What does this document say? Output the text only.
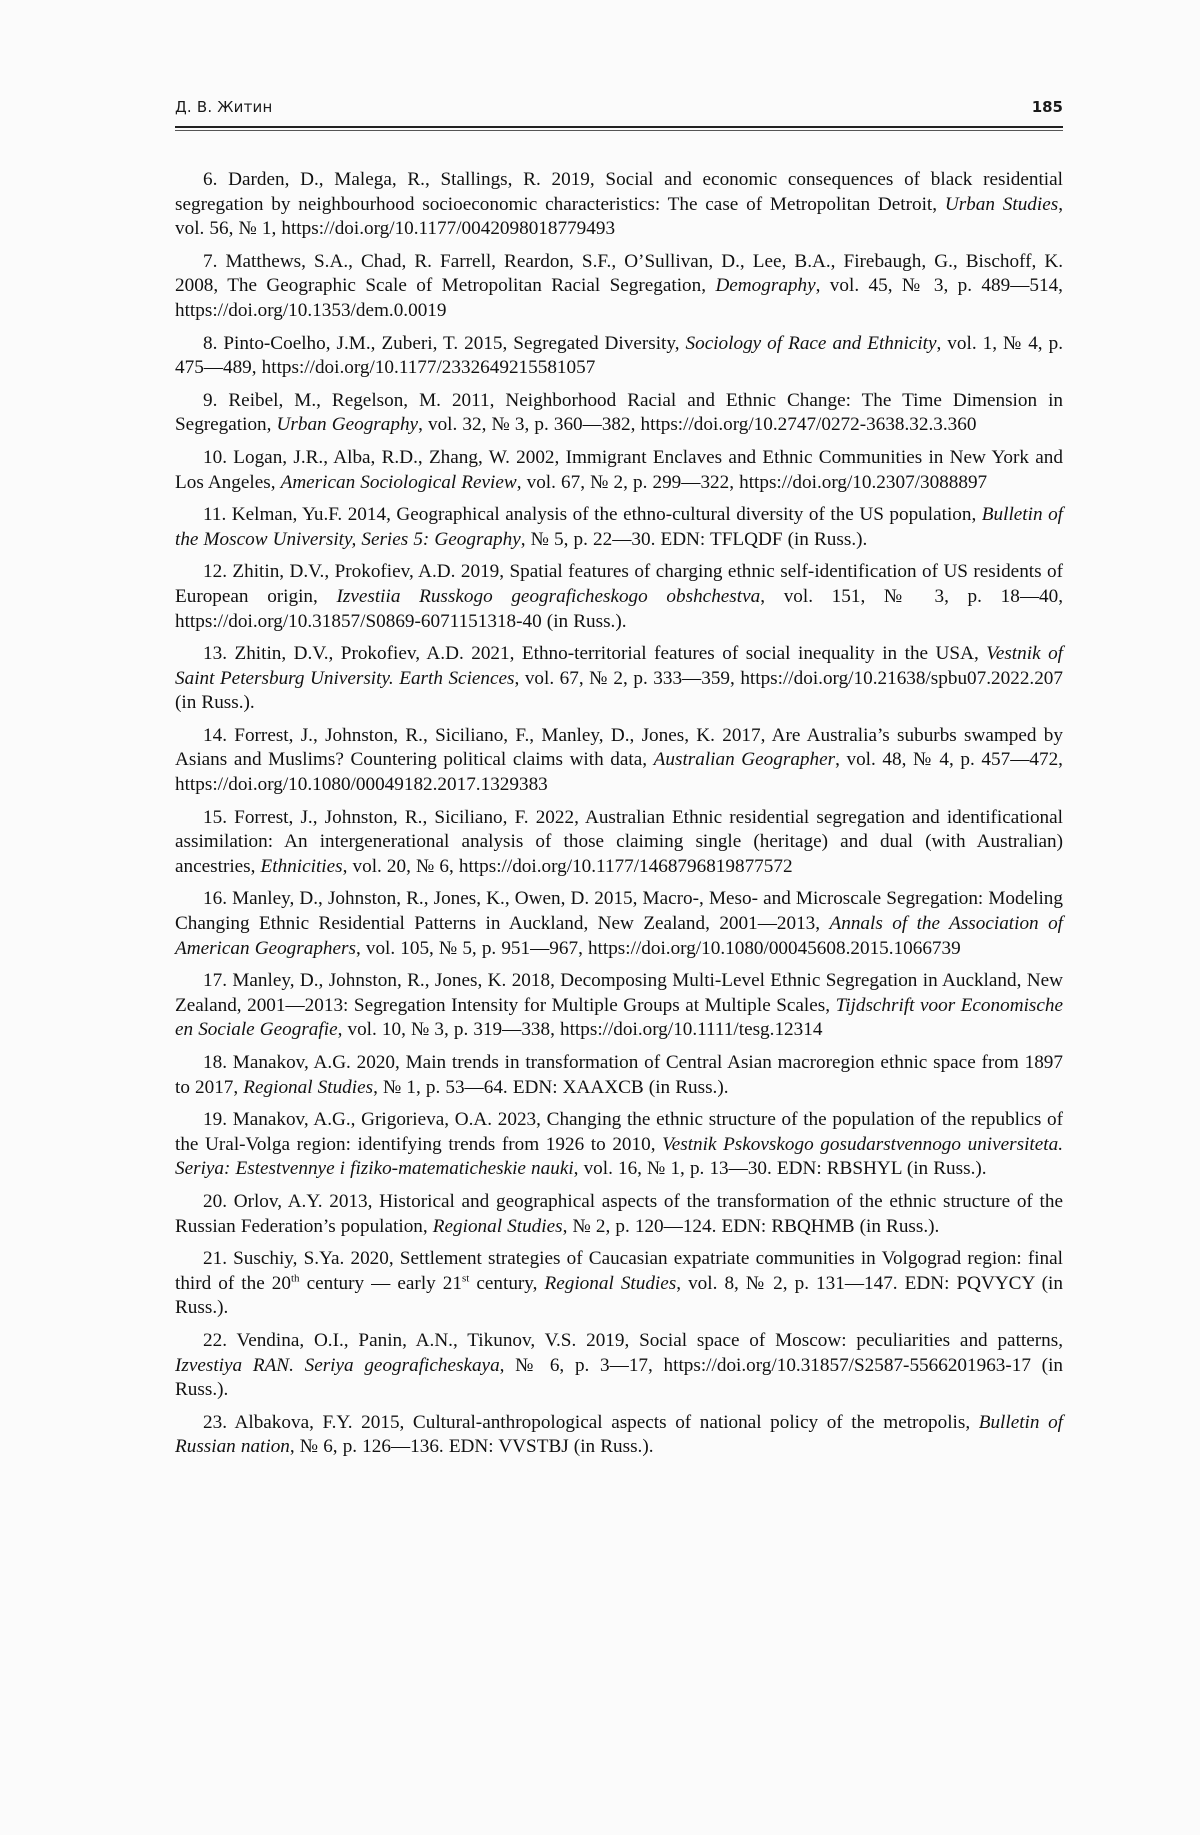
Д. В. Житин	185

6. Darden, D., Malega, R., Stallings, R. 2019, Social and economic consequences of black residential segregation by neighbourhood socioeconomic characteristics: The case of Metropolitan Detroit, Urban Studies, vol. 56, № 1, https://doi.org/10.1177/0042098018779493

7. Matthews, S.A., Chad, R. Farrell, Reardon, S.F., O’Sullivan, D., Lee, B.A., Firebaugh, G., Bischoff, K. 2008, The Geographic Scale of Metropolitan Racial Segregation, Demography, vol. 45, № 3, p. 489—514, https://doi.org/10.1353/dem.0.0019

8. Pinto-Coelho, J.M., Zuberi, T. 2015, Segregated Diversity, Sociology of Race and Ethnicity, vol. 1, № 4, p. 475—489, https://doi.org/10.1177/2332649215581057

9. Reibel, M., Regelson, M. 2011, Neighborhood Racial and Ethnic Change: The Time Dimension in Segregation, Urban Geography, vol. 32, № 3, p. 360—382, https://doi.org/10.2747/0272-3638.32.3.360

10. Logan, J.R., Alba, R.D., Zhang, W. 2002, Immigrant Enclaves and Ethnic Communities in New York and Los Angeles, American Sociological Review, vol. 67, № 2, p. 299—322, https://doi.org/10.2307/3088897

11. Kelman, Yu.F. 2014, Geographical analysis of the ethno-cultural diversity of the US population, Bulletin of the Moscow University, Series 5: Geography, № 5, p. 22—30. EDN: TFLQDF (in Russ.).

12. Zhitin, D.V., Prokofiev, A.D. 2019, Spatial features of charging ethnic self-identification of US residents of European origin, Izvestiia Russkogo geograficheskogo obshchestva, vol. 151, № 3, p. 18—40, https://doi.org/10.31857/S0869-6071151318-40 (in Russ.).

13. Zhitin, D.V., Prokofiev, A.D. 2021, Ethno-territorial features of social inequality in the USA, Vestnik of Saint Petersburg University. Earth Sciences, vol. 67, № 2, p. 333—359, https://doi.org/10.21638/spbu07.2022.207 (in Russ.).

14. Forrest, J., Johnston, R., Siciliano, F., Manley, D., Jones, K. 2017, Are Australia’s suburbs swamped by Asians and Muslims? Countering political claims with data, Australian Geographer, vol. 48, № 4, p. 457—472, https://doi.org/10.1080/00049182.2017.1329383

15. Forrest, J., Johnston, R., Siciliano, F. 2022, Australian Ethnic residential segregation and identificational assimilation: An intergenerational analysis of those claiming single (heritage) and dual (with Australian) ancestries, Ethnicities, vol. 20, № 6, https://doi.org/10.1177/1468796819877572

16. Manley, D., Johnston, R., Jones, K., Owen, D. 2015, Macro-, Meso- and Microscale Segregation: Modeling Changing Ethnic Residential Patterns in Auckland, New Zealand, 2001—2013, Annals of the Association of American Geographers, vol. 105, № 5, p. 951—967, https://doi.org/10.1080/00045608.2015.1066739

17. Manley, D., Johnston, R., Jones, K. 2018, Decomposing Multi-Level Ethnic Segregation in Auckland, New Zealand, 2001—2013: Segregation Intensity for Multiple Groups at Multiple Scales, Tijdschrift voor Economische en Sociale Geografie, vol. 10, № 3, p. 319—338, https://doi.org/10.1111/tesg.12314

18. Manakov, A.G. 2020, Main trends in transformation of Central Asian macroregion ethnic space from 1897 to 2017, Regional Studies, № 1, p. 53—64. EDN: XAAXCB (in Russ.).

19. Manakov, A.G., Grigorieva, O.A. 2023, Changing the ethnic structure of the population of the republics of the Ural-Volga region: identifying trends from 1926 to 2010, Vestnik Pskovskogo gosudarstvennogo universiteta. Seriya: Estestvennye i fiziko-matematicheskie nauki, vol. 16, № 1, p. 13—30. EDN: RBSHYL (in Russ.).

20. Orlov, A.Y. 2013, Historical and geographical aspects of the transformation of the ethnic structure of the Russian Federation’s population, Regional Studies, № 2, p. 120—124. EDN: RBQHMB (in Russ.).

21. Suschiy, S.Ya. 2020, Settlement strategies of Caucasian expatriate communities in Volgograd region: final third of the 20th century — early 21st century, Regional Studies, vol. 8, № 2, p. 131—147. EDN: PQVYCY (in Russ.).

22. Vendina, O.I., Panin, A.N., Tikunov, V.S. 2019, Social space of Moscow: peculiarities and patterns, Izvestiya RAN. Seriya geograficheskaya, № 6, p. 3—17, https://doi.org/10.31857/S2587-5566201963-17 (in Russ.).

23. Albakova, F.Y. 2015, Cultural-anthropological aspects of national policy of the metropolis, Bulletin of Russian nation, № 6, p. 126—136. EDN: VVSTBJ (in Russ.).
